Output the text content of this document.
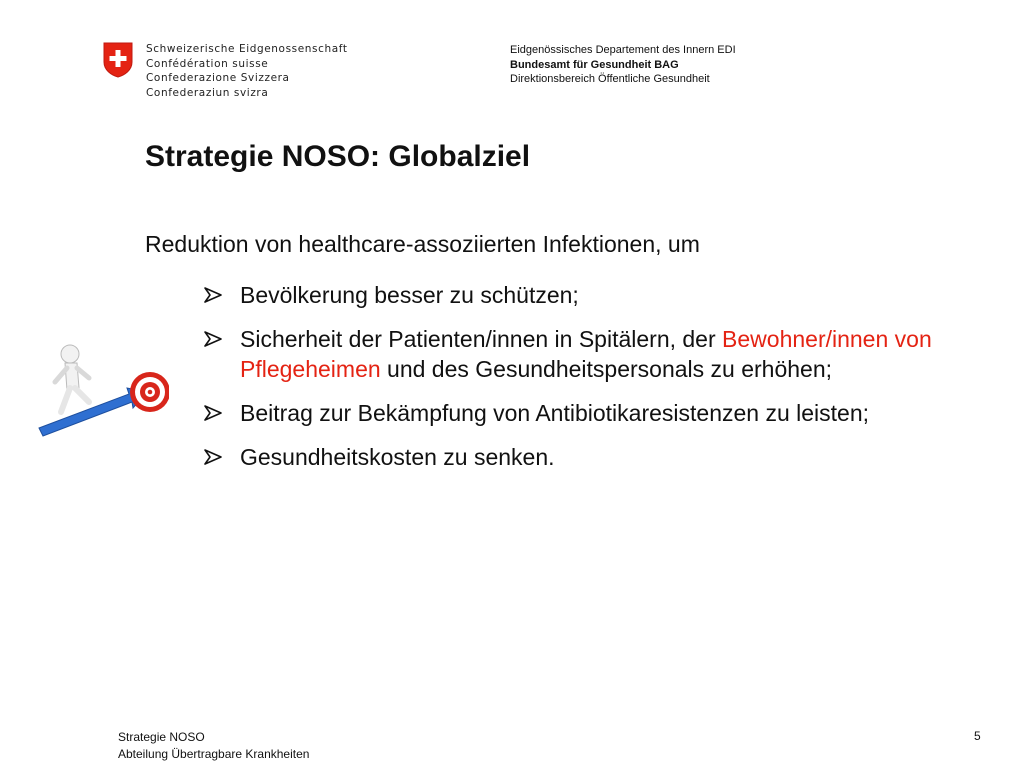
Schweizerische Eidgenossenschaft
Confédération suisse
Confederazione Svizzera
Confederaziun svizra
Eidgenössisches Departement des Innern EDI
Bundesamt für Gesundheit BAG
Direktionsbereich Öffentliche Gesundheit
Strategie NOSO: Globalziel
Reduktion von healthcare-assoziierten Infektionen, um
Bevölkerung besser zu schützen;
Sicherheit der Patienten/innen in Spitälern, der Bewohner/innen von Pflegeheimen und des Gesundheitspersonals zu erhöhen;
Beitrag zur Bekämpfung von Antibiotikaresistenzen zu leisten;
Gesundheitskosten zu senken.
Strategie NOSO
Abteilung Übertragbare Krankheiten
5
